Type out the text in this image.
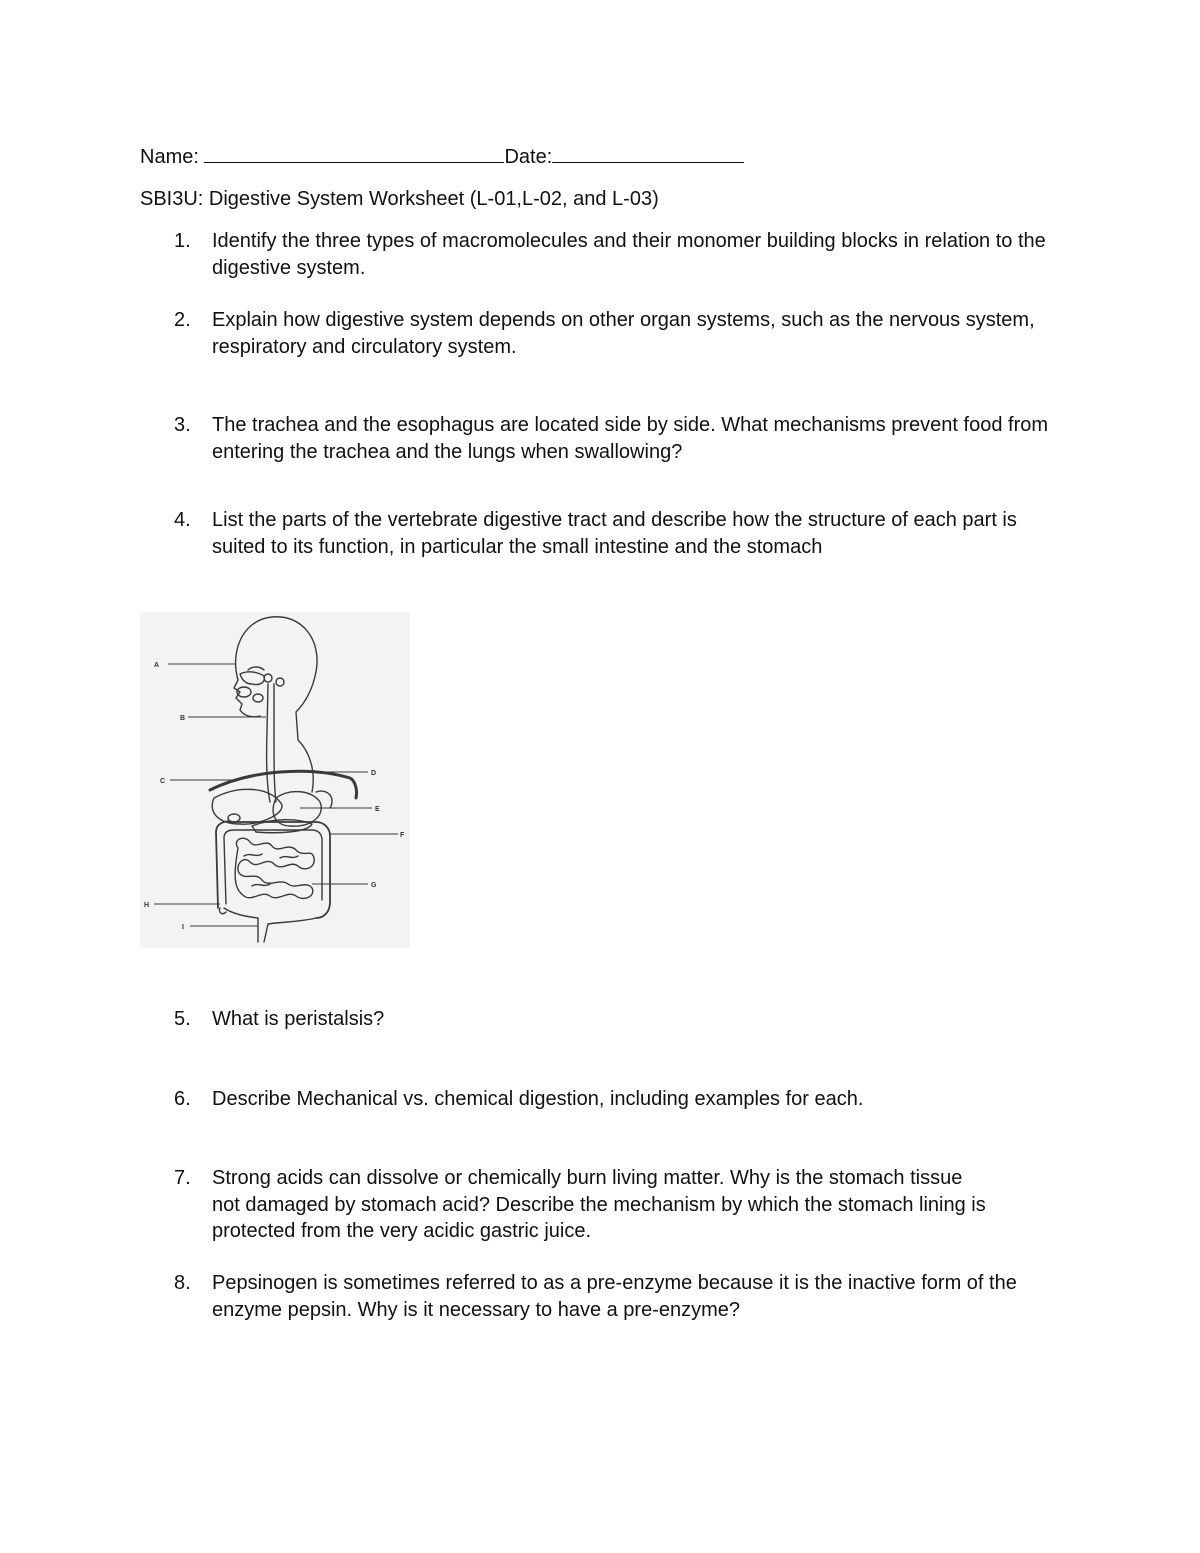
Name:	Date:
SBI3U: Digestive System Worksheet (L-01,L-02, and L-03)
1. Identify the three types of macromolecules and their monomer building blocks in relation to the digestive system.
2. Explain how digestive system depends on other organ systems, such as the nervous system, respiratory and circulatory system.
3. The trachea and the esophagus are located side by side. What mechanisms prevent food from entering the trachea and the lungs when swallowing?
4. List the parts of the vertebrate digestive tract and describe how the structure of each part is suited to its function, in particular the small intestine and the stomach
A
B
C
D
E
F
G
H
I
5. What is peristalsis?
6. Describe Mechanical vs. chemical digestion, including examples for each.
7. Strong acids can dissolve or chemically burn living matter. Why is the stomach tissue not damaged by stomach acid? Describe the mechanism by which the stomach lining is protected from the very acidic gastric juice.
8. Pepsinogen is sometimes referred to as a pre-enzyme because it is the inactive form of the enzyme pepsin. Why is it necessary to have a pre-enzyme?
